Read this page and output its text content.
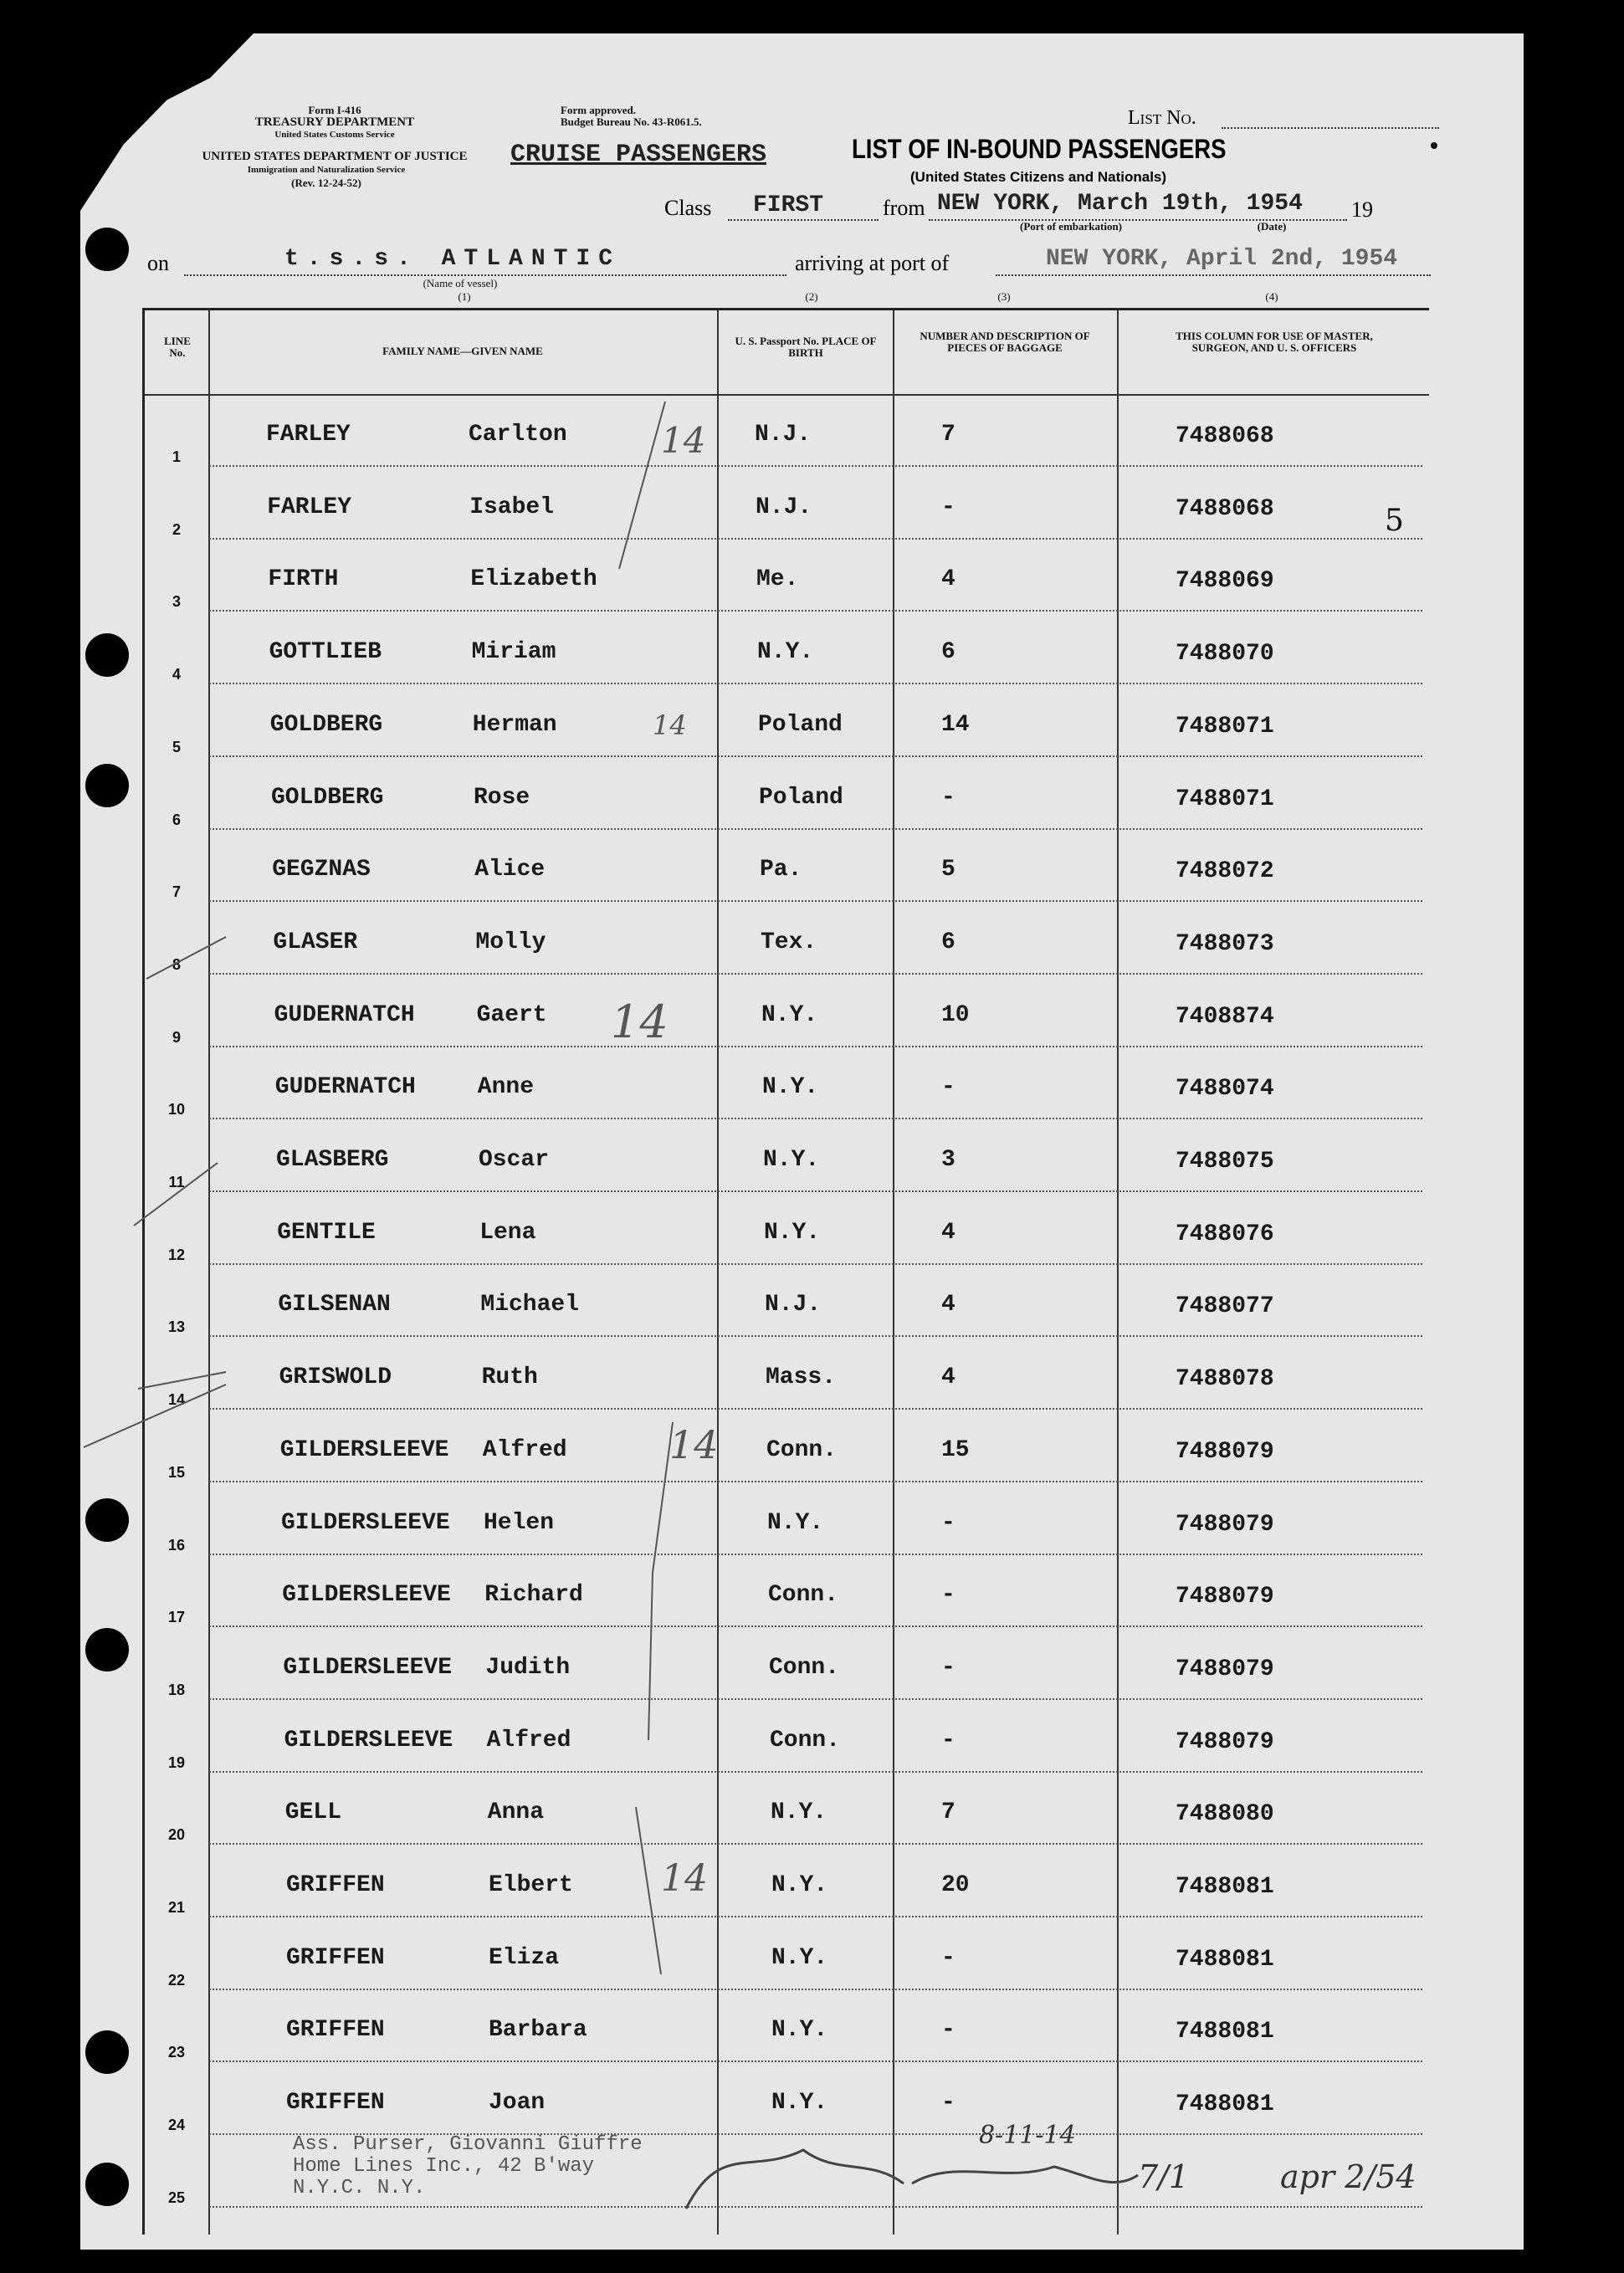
Form I-416
TREASURY DEPARTMENT
United States Customs Service
UNITED STATES DEPARTMENT OF JUSTICE
Immigration and Naturalization Service
(Rev. 12-24-52)
Form approved.
Budget Bureau No. 43-R061.5.	List No.
CRUISE PASSENGERS	LIST OF IN-BOUND PASSENGERS
(United States Citizens and Nationals)
Class FIRST	from NEW YORK, March 19th, 1954 19
(Port of embarkation)	(Date)
on	t.s.s. ATLANTIC
(Name of vessel)
arriving at port of	NEW YORK, April 2nd, 1954
(1)	(2)	(3)	(4)
LINE No.	FAMILY NAME—GIVEN NAME
U. S. Passport No. PLACE OF BIRTH
NUMBER AND DESCRIPTION OF PIECES OF BAGGAGE
THIS COLUMN FOR USE OF MASTER, SURGEON, AND U. S. OFFICERS
1
FARLEY	Carlton	N.J.	7	7488068
2
FARLEY	Isabel	N.J.	-	7488068
3
FIRTH	Elizabeth	Me.	4	7488069
4
GOTTLIEB	Miriam	N.Y.	6	7488070
5
GOLDBERG	Herman	Poland	14	7488071
6
GOLDBERG	Rose	Poland	-	7488071
7
GEGZNAS	Alice	Pa.	5	7488072
8
GLASER	Molly	Tex.	6	7488073
9
GUDERNATCH	Gaert	N.Y.	10	7408874
10
GUDERNATCH	Anne	N.Y.	-	7488074
11
GLASBERG	Oscar	N.Y.	3	7488075
12
GENTILE	Lena	N.Y.	4	7488076
13
GILSENAN	Michael	N.J.	4	7488077
14
GRISWOLD	Ruth	Mass.	4	7488078
15
GILDERSLEEVE Alfred	Conn.	15	7488079
16
GILDERSLEEVE Helen	N.Y.	-	7488079
17
GILDERSLEEVE Richard	Conn.	-	7488079
18
GILDERSLEEVE Judith	Conn.	-	7488079
19
GILDERSLEEVE Alfred	Conn.	-	7488079
20
GELL	Anna	N.Y.	7	7488080
21
GRIFFEN	Elbert	N.Y.	20	7488081
22
GRIFFEN	Eliza	N.Y.	-	7488081
23
GRIFFEN	Barbara	N.Y.	-	7488081
24
GRIFFEN	Joan	N.Y.	-	7488081
25
14
14
14
14
14
5
Ass. Purser, Giovanni Giuffre
Home Lines Inc., 42 B'way
N.Y.C. N.Y.
8-11-14
7/1	apr 2/54
